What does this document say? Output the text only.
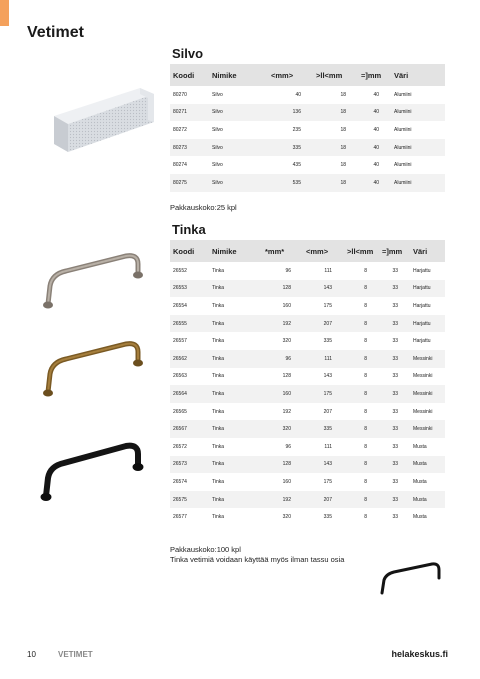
Vetimet
Silvo
Koodi	Nimike	<mm>	>ll<mm	=]mm	Väri
80270	Silvo	40	18	40	Alumiini
80271	Silvo	136	18	40	Alumiini
80272	Silvo	235	18	40	Alumiini
80273	Silvo	335	18	40	Alumiini
80274	Silvo	435	18	40	Alumiini
80275	Silvo	535	18	40	Alumiini
Pakkauskoko:25 kpl
Tinka
Koodi	Nimike	*mm*	<mm>	>ll<mm	=]mm	Väri
26552	Tinka	96	111	8	33	Harjattu
26553	Tinka	128	143	8	33	Harjattu
26554	Tinka	160	175	8	33	Harjattu
26555	Tinka	192	207	8	33	Harjattu
26557	Tinka	320	335	8	33	Harjattu
26562	Tinka	96	111	8	33	Messinki
26563	Tinka	128	143	8	33	Messinki
26564	Tinka	160	175	8	33	Messinki
26565	Tinka	192	207	8	33	Messinki
26567	Tinka	320	335	8	33	Messinki
26572	Tinka	96	111	8	33	Musta
26573	Tinka	128	143	8	33	Musta
26574	Tinka	160	175	8	33	Musta
26575	Tinka	192	207	8	33	Musta
26577	Tinka	320	335	8	33	Musta
Pakkauskoko:100 kpl
Tinka vetimiä voidaan käyttää myös ilman tassu osia
10	VETIMET	helakeskus.fi
